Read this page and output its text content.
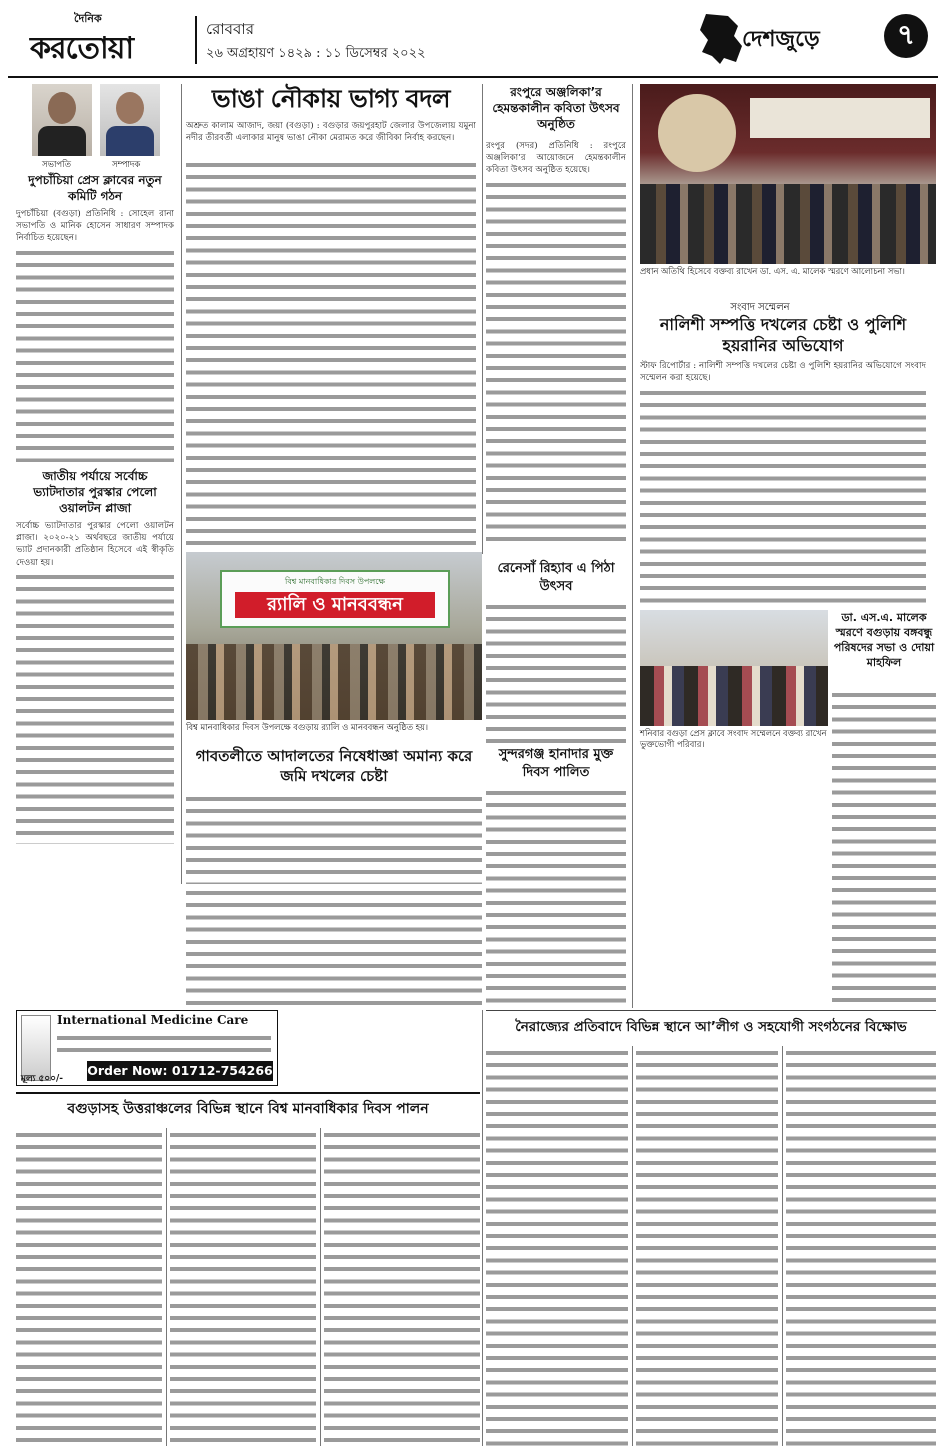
দৈনিক
করতোয়া
রোববার
২৬ অগ্রহায়ণ ১৪২৯ : ১১ ডিসেম্বর ২০২২
দেশজুড়ে	৭
সভাপতি	সম্পাদক
দুপচাঁচিয়া প্রেস ক্লাবের নতুন কমিটি গঠন
দুপচাঁচিয়া (বগুড়া) প্রতিনিধি : সোহেল রানা সভাপতি ও মানিক হোসেন সাধারণ সম্পাদক নির্বাচিত হয়েছেন।
জাতীয় পর্যায়ে সর্বোচ্চ ভ্যাটদাতার পুরস্কার পেলো ওয়ালটন প্লাজা
সর্বোচ্চ ভ্যাটদাতার পুরস্কার পেলো ওয়ালটন প্লাজা। ২০২০-২১ অর্থবছরে জাতীয় পর্যায়ে ভ্যাট প্রদানকারী প্রতিষ্ঠান হিসেবে এই স্বীকৃতি দেওয়া হয়।
ভাঙা নৌকায় ভাগ্য বদল
অশ্রুত কালাম আজাদ, জয়া (বগুড়া) : বগুড়ার জয়পুরহাট জেলার উপজেলায় যমুনা নদীর তীরবর্তী এলাকার মানুষ ভাঙা নৌকা মেরামত করে জীবিকা নির্বাহ করছেন।
রংপুরে অঞ্জলিকা’র হেমন্তকালীন কবিতা উৎসব অনুষ্ঠিত
রংপুর (সদর) প্রতিনিধি : রংপুরে অঞ্জলিকা’র আয়োজনে হেমন্তকালীন কবিতা উৎসব অনুষ্ঠিত হয়েছে।
বিশ্ব মানবাধিকার দিবস উপলক্ষে
র‌্যালি ও মানববন্ধন
বিশ্ব মানবাধিকার দিবস উপলক্ষে বগুড়ায় র‌্যালি ও মানববন্ধন অনুষ্ঠিত হয়।
গাবতলীতে আদালতের নিষেধাজ্ঞা অমান্য করে জমি দখলের চেষ্টা
রেনেসাঁ রিহ্যাব এ পিঠা উৎসব
সুন্দরগঞ্জ হানাদার মুক্ত দিবস পালিত
International Medicine Care
মূল্য ৫০০/-
Order Now: 01712-754266
প্রধান অতিথি হিসেবে বক্তব্য রাখেন ডা. এস. এ. মালেক স্মরণে আলোচনা সভা।
সংবাদ সম্মেলন
নালিশী সম্পত্তি দখলের চেষ্টা ও পুলিশি হয়রানির অভিযোগ
স্টাফ রিপোর্টার : নালিশী সম্পত্তি দখলের চেষ্টা ও পুলিশি হয়রানির অভিযোগে সংবাদ সম্মেলন করা হয়েছে।
শনিবার বগুড়া প্রেস ক্লাবে সংবাদ সম্মেলনে বক্তব্য রাখেন ভুক্তভোগী পরিবার।
ডা. এস.এ. মালেক স্মরণে বগুড়ায় বঙ্গবন্ধু পরিষদের সভা ও দোয়া মাহফিল
নৈরাজ্যের প্রতিবাদে বিভিন্ন স্থানে আ’লীগ ও সহযোগী সংগঠনের বিক্ষোভ
বগুড়াসহ উত্তরাঞ্চলের বিভিন্ন স্থানে বিশ্ব মানবাধিকার দিবস পালন
